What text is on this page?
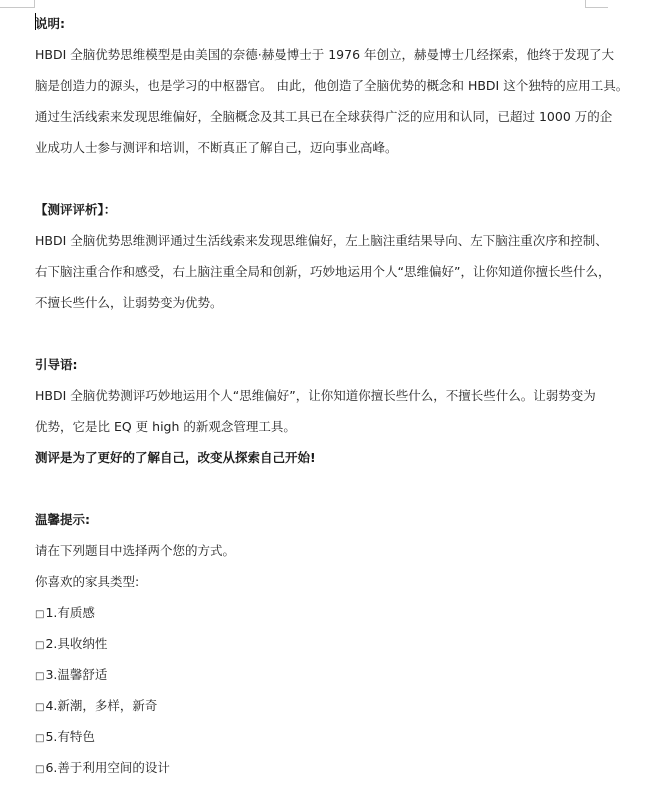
说明:
HBDI 全脑优势思维模型是由美国的奈德·赫曼博士于 1976 年创立，赫曼博士几经探索，他终于发现了大
脑是创造力的源头，也是学习的中枢器官。 由此，他创造了全脑优势的概念和 HBDI 这个独特的应用工具。
通过生活线索来发现思维偏好，全脑概念及其工具已在全球获得广泛的应用和认同，已超过 1000 万的企
业成功人士参与测评和培训，不断真正了解自己，迈向事业高峰。
【测评评析】：
HBDI 全脑优势思维测评通过生活线索来发现思维偏好，左上脑注重结果导向、左下脑注重次序和控制、
右下脑注重合作和感受，右上脑注重全局和创新，巧妙地运用个人“思维偏好”，让你知道你擅长些什么，
不擅长些什么，让弱势变为优势。
引导语:
HBDI 全脑优势测评巧妙地运用个人“思维偏好”，让你知道你擅长些什么，不擅长些什么。让弱势变为
优势，它是比 EQ 更 high 的新观念管理工具。
测评是为了更好的了解自己，改变从探索自己开始!
温馨提示:
请在下列题目中选择两个您的方式。
你喜欢的家具类型:
□1.有质感
□2.具收纳性
□3.温馨舒适
□4.新潮，多样，新奇
□5.有特色
□6.善于利用空间的设计
